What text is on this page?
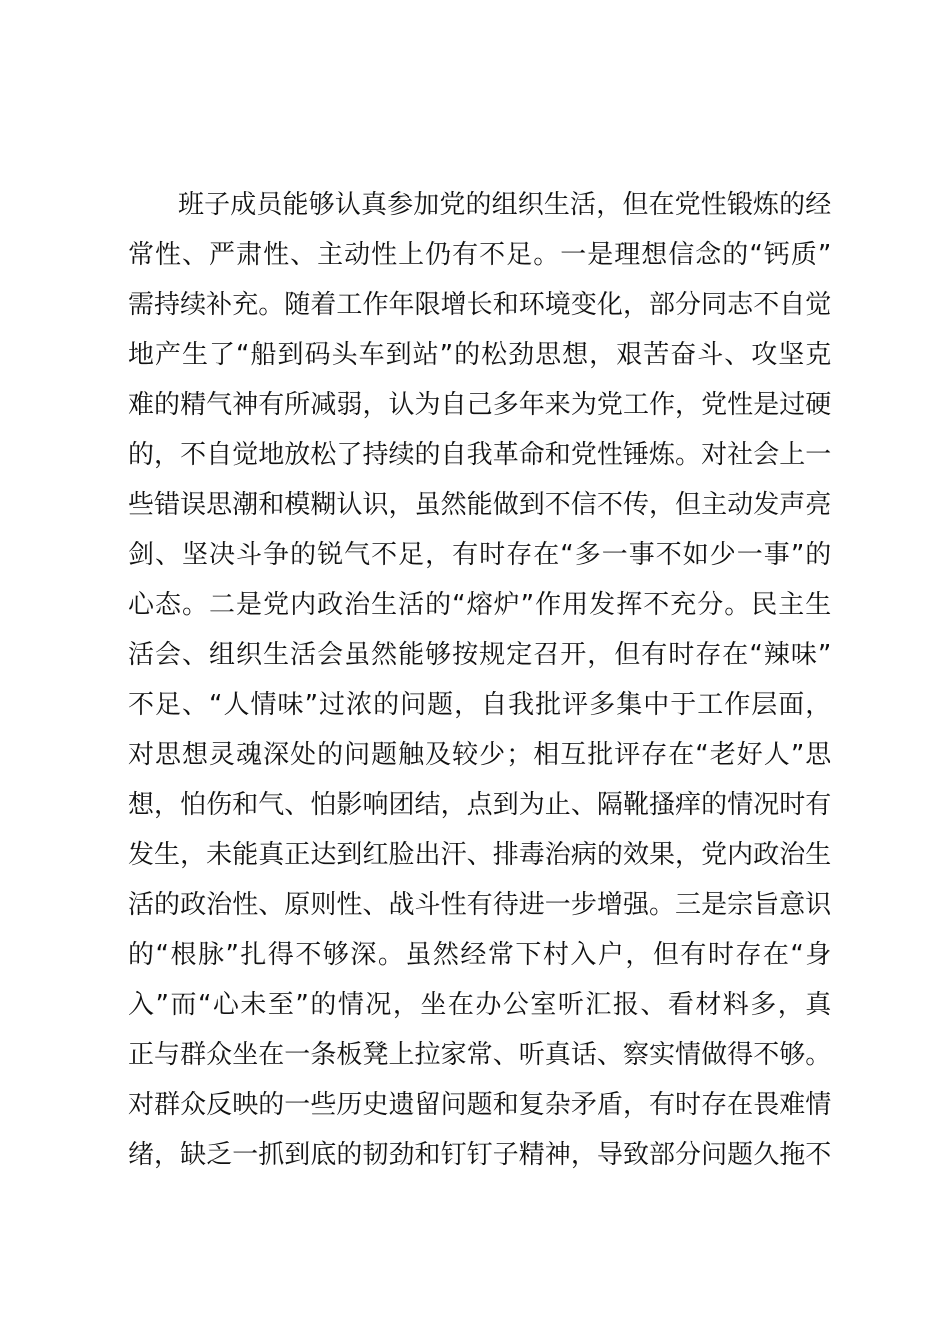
班子成员能够认真参加党的组织生活，但在党性锻炼的经
常性、严肃性、主动性上仍有不足。一是理想信念的“钙质”
需持续补充。随着工作年限增长和环境变化，部分同志不自觉
地产生了“船到码头车到站”的松劲思想，艰苦奋斗、攻坚克
难的精气神有所减弱，认为自己多年来为党工作，党性是过硬
的，不自觉地放松了持续的自我革命和党性锤炼。对社会上一
些错误思潮和模糊认识，虽然能做到不信不传，但主动发声亮
剑、坚决斗争的锐气不足，有时存在“多一事不如少一事”的
心态。二是党内政治生活的“熔炉”作用发挥不充分。民主生
活会、组织生活会虽然能够按规定召开，但有时存在“辣味”
不足、“人情味”过浓的问题，自我批评多集中于工作层面，
对思想灵魂深处的问题触及较少；相互批评存在“老好人”思
想，怕伤和气、怕影响团结，点到为止、隔靴搔痒的情况时有
发生，未能真正达到红脸出汗、排毒治病的效果，党内政治生
活的政治性、原则性、战斗性有待进一步增强。三是宗旨意识
的“根脉”扎得不够深。虽然经常下村入户，但有时存在“身
入”而“心未至”的情况，坐在办公室听汇报、看材料多，真
正与群众坐在一条板凳上拉家常、听真话、察实情做得不够。
对群众反映的一些历史遗留问题和复杂矛盾，有时存在畏难情
绪，缺乏一抓到底的韧劲和钉钉子精神，导致部分问题久拖不
